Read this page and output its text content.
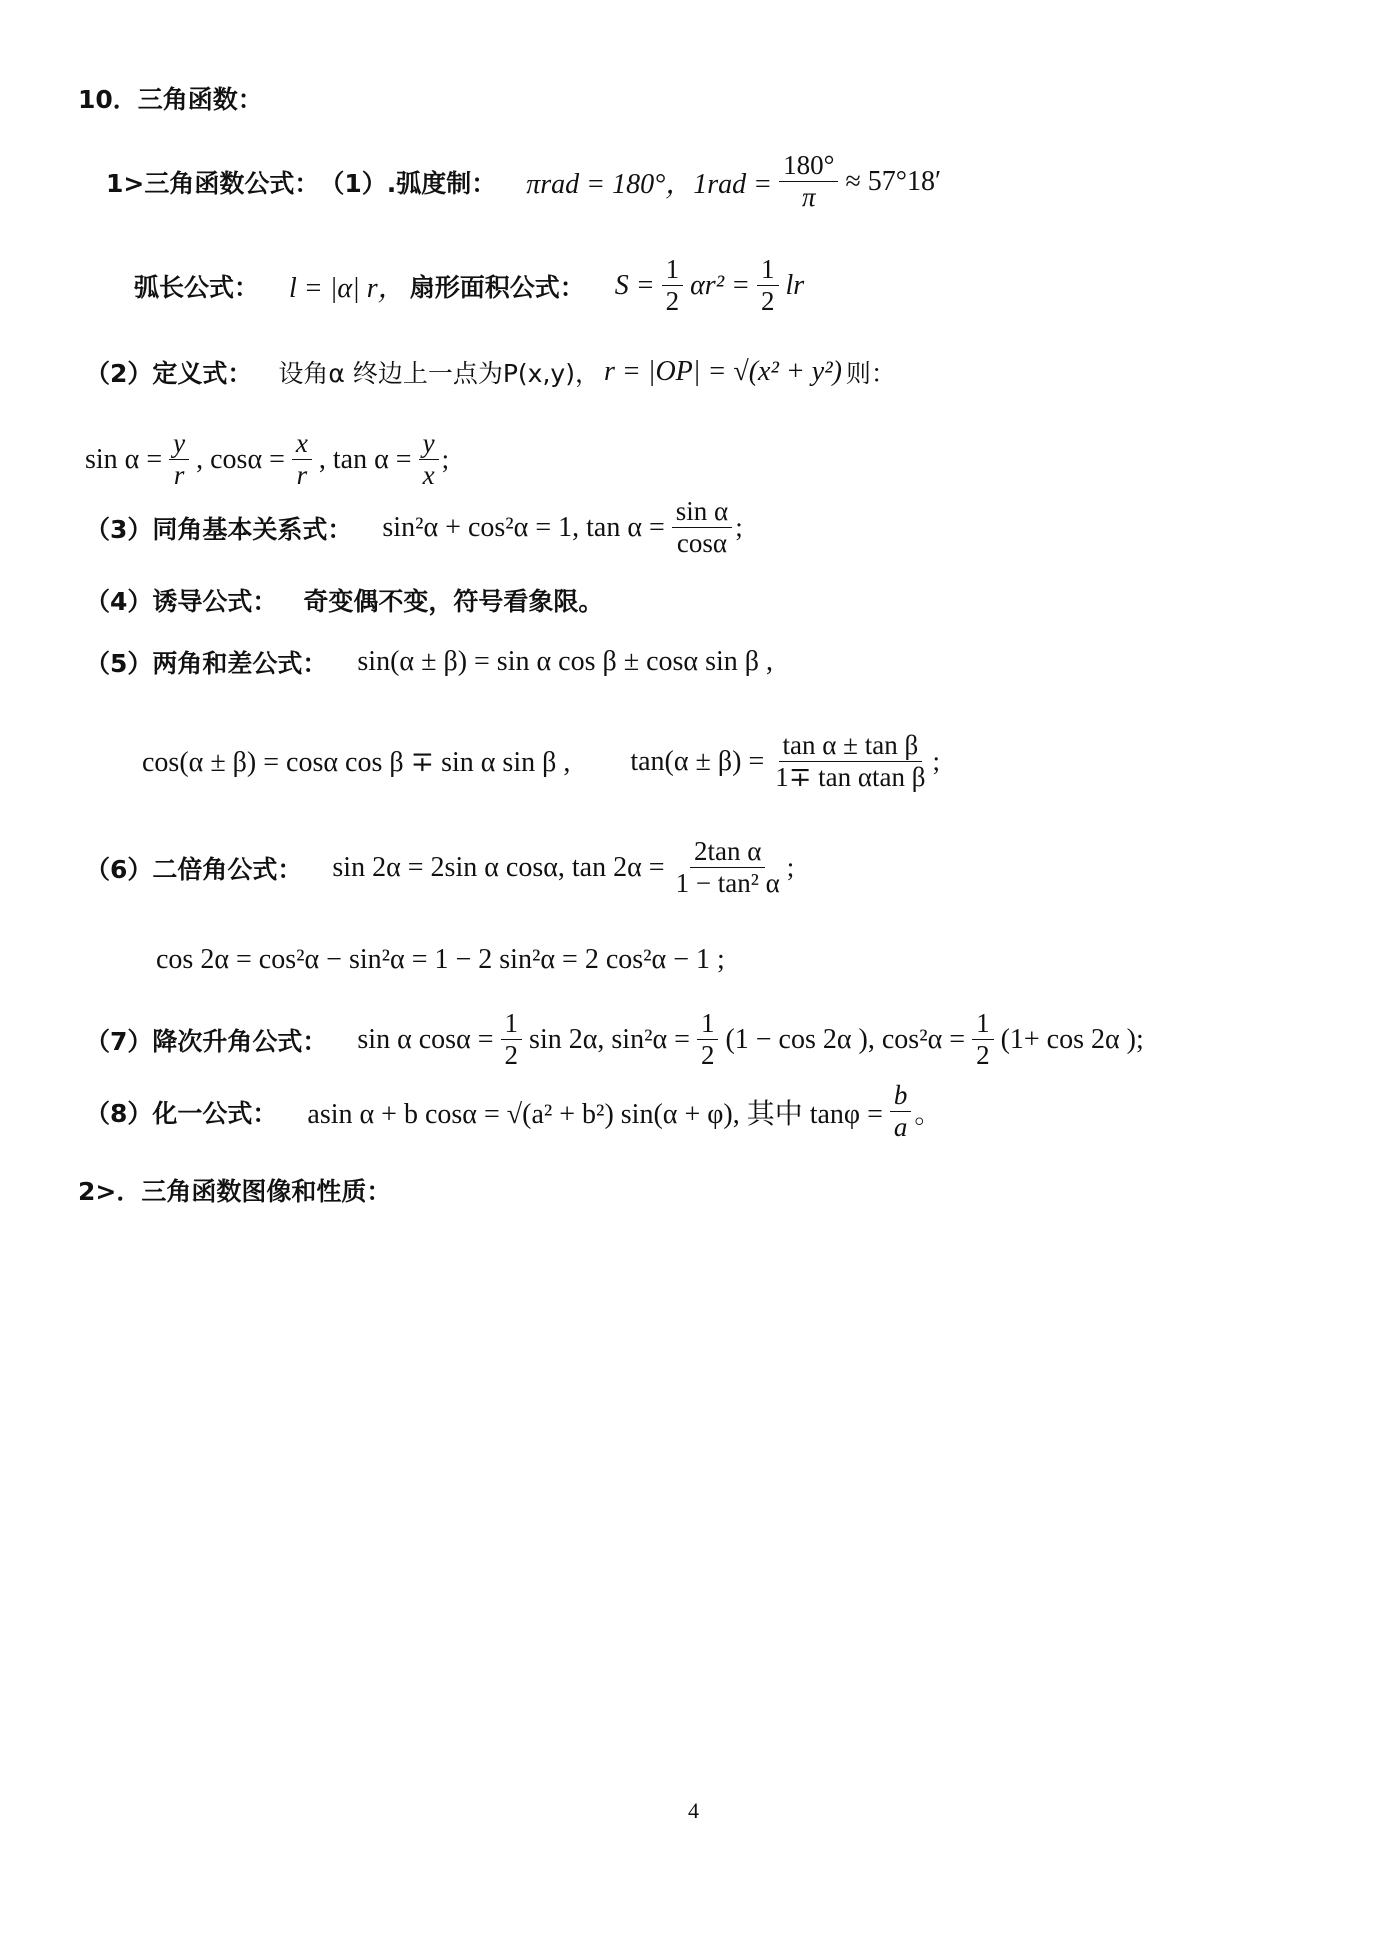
10．三角函数：
1>三角函数公式： （1）.弧度制： πrad = 180°，$1rad = \frac{180^\circ}{\pi} \approx 57^\circ 18'$
弧长公式： l = |α| r， 扇形面积公式： $S = \frac{1}{2} \alpha r^2 = \frac{1}{2}$ lr
（2）定义式： 设角α 终边上一点为P(x,y)， r = |OP| = √(x² + y²) 则：
$\sin \alpha = \frac{y}{r}$ , $\cos\alpha = \frac{x}{r}$ , $\tan \alpha = \frac{y}{x}$ ;
（3）同角基本关系式： sin²α + cos²α = 1, $\tan \alpha = \frac{\text{sin α}}{\cos\alpha}$ ;
（4）诱导公式： 奇变偶不变，符号看象限。
（5）两角和差公式： sin(α ± β) = sin α cos β ± cosα sin β ,
cos(α ± β) = cosα cos β ∓ sin α sin β , $\tan(\alpha \pm \beta) = \frac{\text{tan α ± tan β}}{\text{1∓ tan αtan β}}$ ;
（6）二倍角公式： sin 2α = 2sin α cosα, $\tan 2\alpha = \frac{\text{2tan α}}{\text{1 − tan² α}}$ ;
cos 2α = cos²α − sin²α = 1 − 2 sin²α = 2 cos²α − 1 ;
（7）降次升角公式： sin α $\cos\alpha = \frac{1}{2}$ sin 2α, $\sin^2\alpha = \frac{1}{2} (1 - \cos 2\alpha$ ), $\cos^2\alpha = \frac{1}{2} (1+ \cos 2\alpha$ );
（8）化一公式： asin α + b cosα = √(a² + b²) sin(α + φ), 其中 $\tan\varphi = \frac{b}{a}$ 。
2>．三角函数图像和性质：
4
